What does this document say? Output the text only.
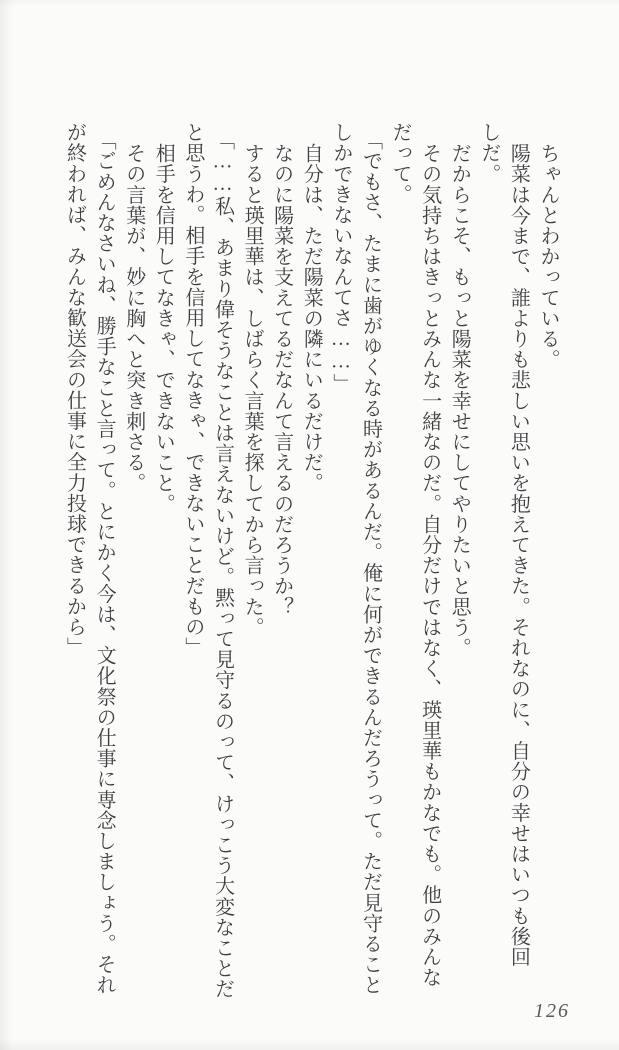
ちゃんとわかっている。
陽菜は今まで、誰よりも悲しい思いを抱えてきた。それなのに、自分の幸せはいつも後回
しだ。
だからこそ、もっと陽菜を幸せにしてやりたいと思う。
その気持ちはきっとみんな一緒なのだ。自分だけではなく、瑛里華もかなでも。他のみんな
だって。
「でもさ、たまに歯がゆくなる時があるんだ。俺に何ができるんだろうって。ただ見守ること
しかできないなんてさ……」
自分は、ただ陽菜の隣にいるだけだ。
なのに陽菜を支えてるだなんて言えるのだろうか？
すると瑛里華は、しばらく言葉を探してから言った。
「……私、あまり偉そうなことは言えないけど。黙って見守るのって、けっこう大変なことだ
と思うわ。相手を信用してなきゃ、できないことだもの」
相手を信用してなきゃ、できないこと。
その言葉が、妙に胸へと突き刺さる。
「ごめんなさいね、勝手なこと言って。とにかく今は、文化祭の仕事に専念しましょう。それ
が終われば、みんな歓送会の仕事に全力投球できるから」
126
